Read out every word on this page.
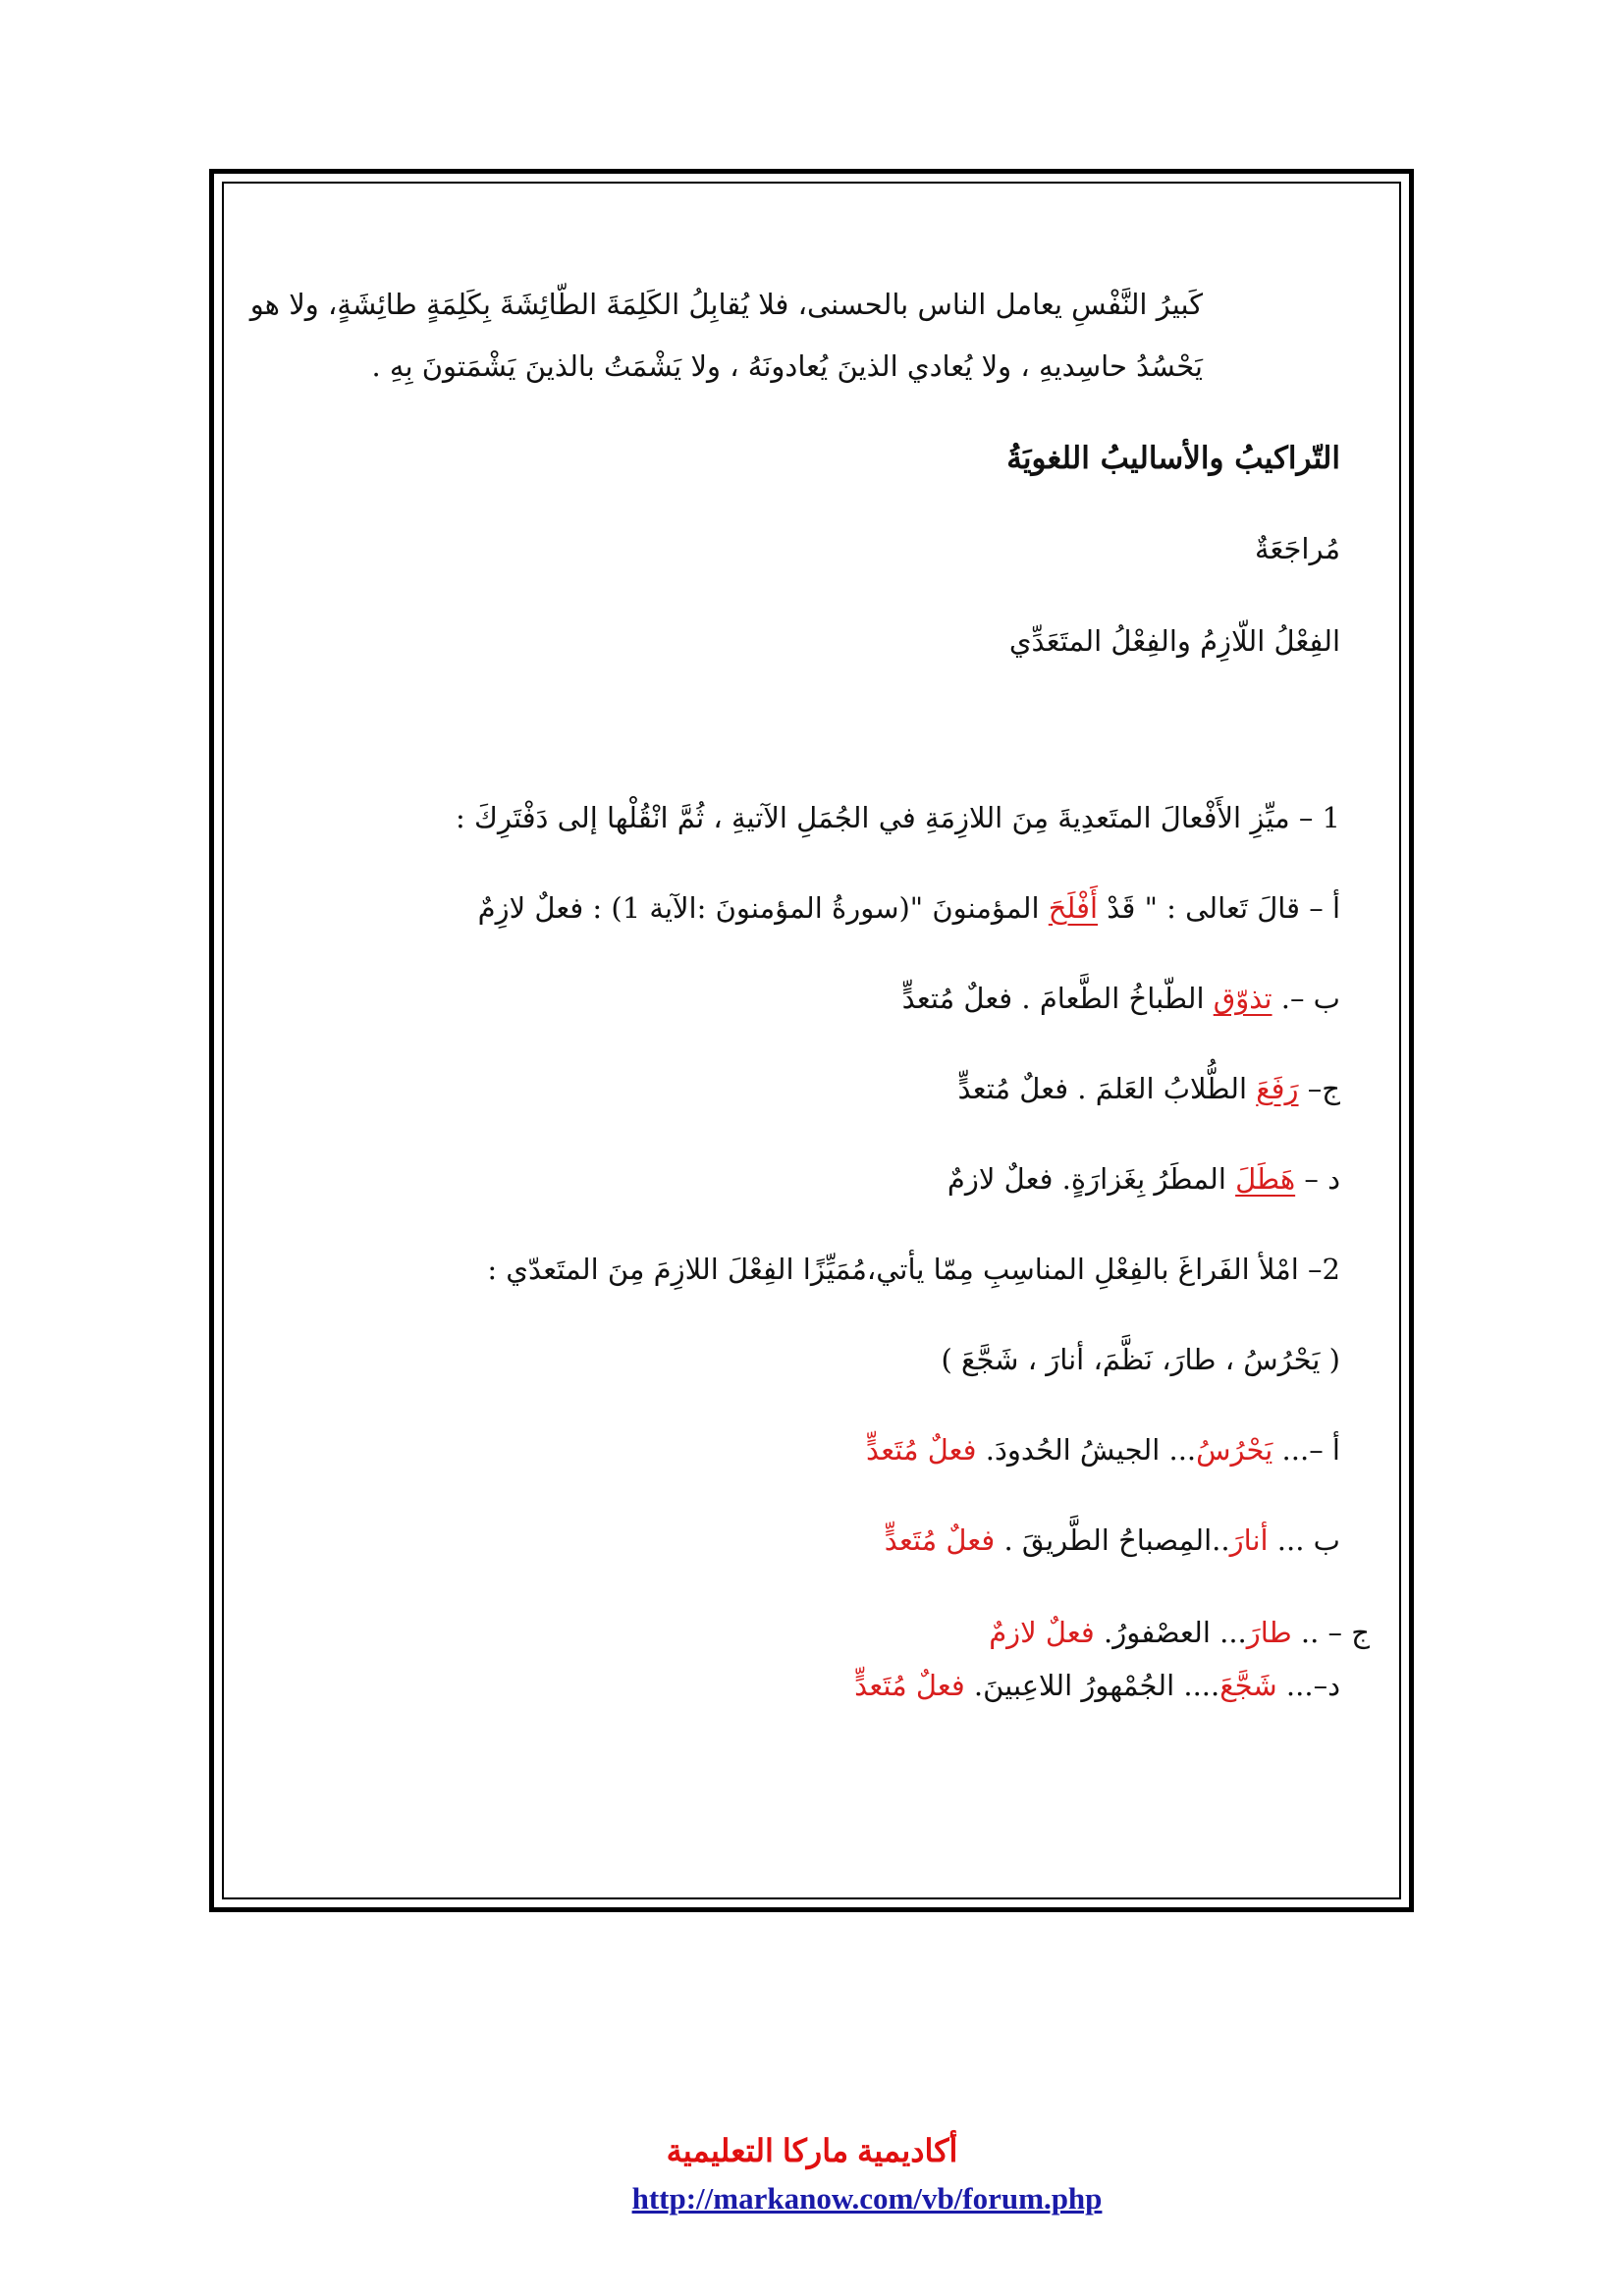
كَبيرُ النَّفْسِ يعامل الناس بالحسنى، فلا يُقابِلُ الكَلِمَةَ الطّائِشَةَ بِكَلِمَةٍ طائِشَةٍ، ولا هو
يَحْسُدُ حاسِديهِ ، ولا يُعادي الذينَ يُعادونَهُ ، ولا يَشْمَتُ بالذينَ يَشْمَتونَ بِهِ .
التّراكيبُ والأساليبُ اللغويَةُ
مُراجَعَةٌ
الفِعْلُ اللّازِمُ والفِعْلُ المتَعَدِّي
1 – ميِّزِ الأَفْعالَ المتَعدِيةَ مِنَ اللازِمَةِ في الجُمَلِ الآتيةِ ، ثُمَّ انْقُلْها إلى دَفْتَرِكَ :
أ – قالَ تَعالى : " قَدْ أَفْلَحَ المؤمنونَ "(سورةُ المؤمنونَ :الآية 1) : فعلٌ لازِمٌ
ب –. تذوّق الطّباخُ الطَّعامَ . فعلٌ مُتعدٍّ
ج– رَفَعَ الطُّلابُ العَلمَ . فعلٌ مُتعدٍّ
د – هَطَلَ المطَرُ بِغَزارَةٍ. فعلٌ لازمٌ
2– امْلأ الفَراغَ بالفِعْلِ المناسِبِ مِمّا يأتي،مُمَيِّزًا الفِعْلَ اللازِمَ مِنَ المتَعدّي :
( يَحْرُسُ ، طارَ، نَظَّمَ، أنارَ ، شَجَّعَ )
أ –... يَحْرُسُ... الجيشُ الحُدودَ. فعلٌ مُتَعدٍّ
ب ... أنارَ..المِصباحُ الطَّريقَ . فعلٌ مُتَعدٍّ
ج – .. طارَ... العصْفورُ. فعلٌ لازمٌ
د–... شَجَّعَ.... الجُمْهورُ اللاعِبينَ. فعلٌ مُتَعدٍّ
أكاديمية ماركا التعليمية
http://markanow.com/vb/forum.php
